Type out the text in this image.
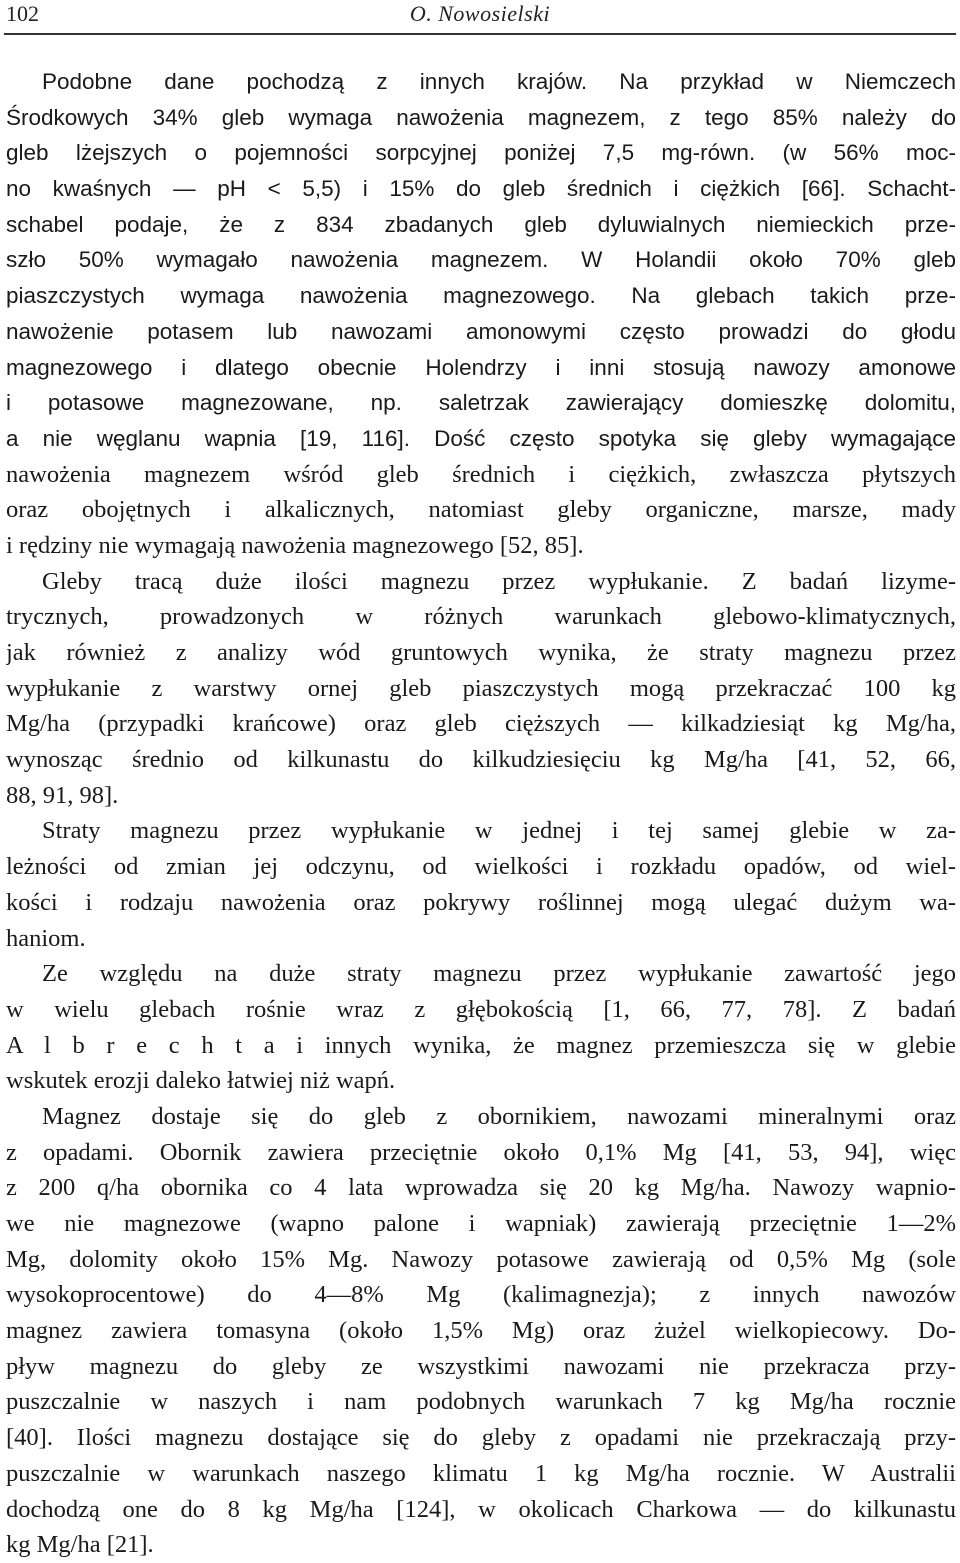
102	O. Nowosielski
Podobne dane pochodzą z innych krajów. Na przykład w Niemczech
Środkowych 34% gleb wymaga nawożenia magnezem, z tego 85% należy do
gleb lżejszych o pojemności sorpcyjnej poniżej 7,5 mg-równ. (w 56% moc-
no kwaśnych — pH < 5,5) i 15% do gleb średnich i ciężkich [66]. Schacht-
schabel podaje, że z 834 zbadanych gleb dyluwialnych niemieckich prze-
szło 50% wymagało nawożenia magnezem. W Holandii około 70% gleb
piaszczystych wymaga nawożenia magnezowego. Na glebach takich prze-
nawożenie potasem lub nawozami amonowymi często prowadzi do głodu
magnezowego i dlatego obecnie Holendrzy i inni stosują nawozy amonowe
i potasowe magnezowane, np. saletrzak zawierający domieszkę dolomitu,
a nie węglanu wapnia [19, 116]. Dość często spotyka się gleby wymagające
nawożenia magnezem wśród gleb średnich i ciężkich, zwłaszcza płytszych
oraz obojętnych i alkalicznych, natomiast gleby organiczne, marsze, mady
i rędziny nie wymagają nawożenia magnezowego [52, 85].
Gleby tracą duże ilości magnezu przez wypłukanie. Z badań lizyme-
trycznych, prowadzonych w różnych warunkach glebowo-klimatycznych,
jak również z analizy wód gruntowych wynika, że straty magnezu przez
wypłukanie z warstwy ornej gleb piaszczystych mogą przekraczać 100 kg
Mg/ha (przypadki krańcowe) oraz gleb cięższych — kilkadziesiąt kg Mg/ha,
wynosząc średnio od kilkunastu do kilkudziesięciu kg Mg/ha [41, 52, 66,
88, 91, 98].
Straty magnezu przez wypłukanie w jednej i tej samej glebie w za-
leżności od zmian jej odczynu, od wielkości i rozkładu opadów, od wiel-
kości i rodzaju nawożenia oraz pokrywy roślinnej mogą ulegać dużym wa-
haniom.
Ze względu na duże straty magnezu przez wypłukanie zawartość jego
w wielu glebach rośnie wraz z głębokością [1, 66, 77, 78]. Z badań
A l b r e c h t a i innych wynika, że magnez przemieszcza się w glebie
wskutek erozji daleko łatwiej niż wapń.
Magnez dostaje się do gleb z obornikiem, nawozami mineralnymi oraz
z opadami. Obornik zawiera przeciętnie około 0,1% Mg [41, 53, 94], więc
z 200 q/ha obornika co 4 lata wprowadza się 20 kg Mg/ha. Nawozy wapnio-
we nie magnezowe (wapno palone i wapniak) zawierają przeciętnie 1—2%
Mg, dolomity około 15% Mg. Nawozy potasowe zawierają od 0,5% Mg (sole
wysokoprocentowe) do 4—8% Mg (kalimagnezja); z innych nawozów
magnez zawiera tomasyna (około 1,5% Mg) oraz żużel wielkopiecowy. Do-
pływ magnezu do gleby ze wszystkimi nawozami nie przekracza przy-
puszczalnie w naszych i nam podobnych warunkach 7 kg Mg/ha rocznie
[40]. Ilości magnezu dostające się do gleby z opadami nie przekraczają przy-
puszczalnie w warunkach naszego klimatu 1 kg Mg/ha rocznie. W Australii
dochodzą one do 8 kg Mg/ha [124], w okolicach Charkowa — do kilkunastu
kg Mg/ha [21].
